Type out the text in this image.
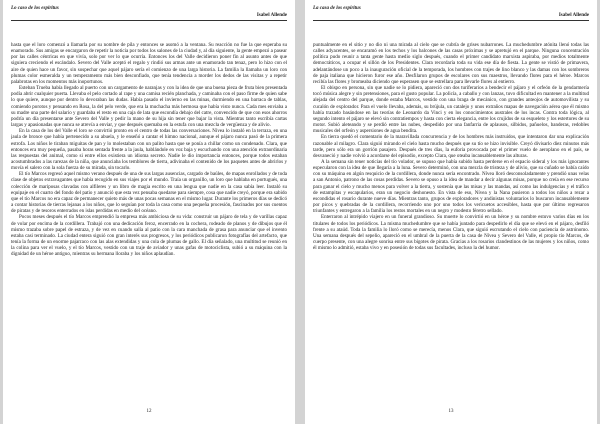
Lo caso de los espiritus
Isabel Allende

hasta que el loro comenzó a llamarla por su nombre de pila y entonces se asomó a la ventana. Su reacción no fue la que esperaba su enamorado. Sus amigas se encargaron de repetir la noticia por todos los salones de la ciudad y, al día siguiente, la gente empezó a pasear por las calles céntricas en que vivía, solo por ver lo que ocurría. Entonces los del Valle decidieron poner fin al asunto antes de que siguiera creciendo el escándalo. Severo del Valle aceptó el regalo y rindió sus armas ante un enamorado tan tenaz, pero lo hizo con el aire de quien hace un favor, sin sospechar que aquel pájaro sería el comienzo de una larga historia. La familia la llamaba un loro con plumas color esmeralda y un temperamento más bien desconfiado, que tenía tendencia a morder los dedos de las visitas y a repetir palabrotas en los momentos más inoportunos.

Esteban Trueba había llegado al puerto con un cargamento de naranjas y con la idea de que una buena pieza de fruta bien presentada podía abrir cualquier puerta. Llevaba el pelo cortado al rape y una camisa recién planchada, y caminaba con el paso firme de quien sabe lo que quiere, aunque por dentro lo devoraban las dudas. Había pasado el invierno en las minas, durmiendo en una barraca de tablas, comiendo porotos y pensando en Rosa, la del pelo verde, que era la muchacha más hermosa que había visto nunca. Cada mes enviaba a su madre una parte del salario y guardaba el resto en una caja de lata que escondía debajo del catre, convencido de que con esos ahorros podría un día presentarse ante Severo del Valle y pedir la mano de su hija sin tener que bajar la vista. Mientras tanto escribía cartas largas y apasionadas que nunca se atrevía a enviar, y que después quemaba en la estufa con una mezcla de vergüenza y de alivio.

En la casa de los del Valle el loro se convirtió pronto en el centro de todas las conversaciones. Nívea lo instaló en la terraza, en una jaula de bronce que había pertenecido a su abuela, y le enseñó a cantar el himno nacional, aunque el pájaro nunca pasó de la primera estrofa. Los niños le tiraban miguitas de pan y lo molestaban con un palito hasta que se ponía a chillar como un condenado. Clara, que entonces era muy pequeña, pasaba horas sentada frente a la jaula, hablándole en voz baja y escuchando con una atención extraordinaria las respuestas del animal, como si entre ellos existiera un idioma secreto. Nadie le dio importancia entonces, porque todos estaban acostumbrados a las rarezas de la niña, que anunciaba los temblores de tierra, adivinaba el contenido de los paquetes antes de abrirlos y movía el salero con la sola fuerza de su mirada, sin tocarlo.

El tío Marcos regresó aquel mismo verano después de una de sus largas ausencias, cargado de baúles, de mapas enrollados y de toda clase de objetos extravagantes que había recogido en sus viajes por el mundo. Traía un organillo, un loro que hablaba en portugués, una colección de mariposas clavadas con alfileres y un libro de magia escrito en una lengua que nadie en la casa sabía leer. Instaló su equipaje en el cuarto del fondo del patio y anunció que esta vez pensaba quedarse para siempre, cosa que nadie creyó, porque era sabido que el tío Marcos no era capaz de permanecer quieto más de unas pocas semanas en el mismo lugar. Durante los primeros días se dedicó a contar historias de tierras lejanas a los niños, que lo seguían por toda la casa como una pequeña procesión, fascinados por sus cuentos de piratas y de tesoros enterrados en islas perdidas en medio del océano.

Pocos meses después el tío Marcos emprendió la empresa más ambiciosa de su vida: construir un pájaro de tela y de varillas capaz de volar por encima de la cordillera. Trabajó con una dedicación feroz, encerrado en la cochera, rodeado de planos y de dibujos que él mismo trazaba sobre papel de estraza, y de vez en cuando salía al patio con la cara manchada de grasa para anunciar que el invento estaba casi terminado. La ciudad entera siguió con gran interés sus progresos, y los periódicos publicaron fotografías del artefacto, que tenía la forma de un enorme pajarraco con las alas extendidas y una cola de plumas de gallo. El día señalado, una multitud se reunió en la colina para ver el vuelo, y el tío Marcos, vestido con un traje de aviador y unas gafas de motociclista, subió a su máquina con la dignidad de un héroe antiguo, mientras su hermana lloraba y los niños aplaudían.

12
La casa de los espíritus
Isabel Allende

puntualmente en el sitio y no dio ni una mirada al cielo que se cubría de grises nubarrones. La muchedumbre atónita llenó todas las calles adyacentes, se encaramó en los techos y los balcones de las casas próximas y se apretujó en el parque. Ninguna concentración política pudo reunir a tanta gente hasta medio siglo después, cuando el primer candidato marxista aspiraba, por medios totalmente democráticos, a ocupar el sillón de los Presidentes. Clara recordaría toda su vida ese día de fiesta. La gente se vistió de primavera, adelantándose un poco a la inauguración oficial de la temporada, los hombres con trajes de lino blanco y las damas con los sombreros de paja italiana que hicieron furor ese año. Desfilaron grupos de escolares con sus maestros, llevando flores para el héroe. Marcos recibía las flores y bromeaba diciendo que esperasen que se estrellara para llevarle flores al entierro.

El obispo en persona, sin que nadie se lo pidiera, apareció con dos turiferarios a bendecir el pájaro y el orfeón de la gendarmería tocó música alegre y sin pretensiones, para el gusto popular. La policía, a caballo y con lanzas, tuvo dificultad en mantener a la multitud alejada del centro del parque, donde estaba Marcos, vestido con una braga de mecánico, con grandes anteojos de automovilista y su cucalón de explorador. Para el vuelo llevaba, además, su brújula, un catalejo y unos extraños mapas de navegación aérea que él mismo había trazado basándose en las teorías de Leonardo da Vinci y en los conocimientos australes de los incas. Contra toda lógica, al segundo intento el pájaro se elevó sin contratiempos y hasta con cierta elegancia, entre los crujidos de su esqueleto y los estertores de su motor. Subió aleteando y se perdió entre las nubes, despedido por una fanfarria de aplausos, silbidos, pañuelos, banderas, redobles musicales del orfeón y aspersiones de agua bendita.

En tierra quedó el comentario de la maravillada concurrencia y de los hombres más instruidos, que intentaron dar una explicación razonable al milagro. Clara siguió mirando el cielo hasta mucho después que su tío se hizo invisible. Creyó divisarlo diez minutos más tarde, pero sólo era un gorrión pasajero. Después de tres días, la euforia provocada por el primer vuelo de aeroplano en el país, se desvaneció y nadie volvió a acordarse del episodio, excepto Clara, que oteaba incansablemente las alturas.

A la semana sin tener noticias del tío volador, se supuso que había subido hasta perderse en el espacio sideral y los más ignorantes especularon con la idea de que llegaría a la luna. Severo determinó, con una mezcla de tristeza y de alivio, que su cuñado se había caído con su máquina en algún resquicio de la cordillera, donde nunca sería encontrado. Nívea lloró desconsoladamente y prendió unas velas a san Antonio, patrono de las cosas perdidas. Severo se opuso a la idea de mandar a decir algunas misas, porque no creía en ese recurso para ganar el cielo y mucho menos para volver a la tierra, y sostenía que las misas y las mandas, así como las indulgencias y el tráfico de estampitas y escapularios, eran un negocio deshonesto. En vista de eso, Nívea y la Nana pusieron a todos los niños a rezar a escondidas el rosario durante nueve días. Mientras tanto, grupos de exploradores y andinistas voluntarios lo buscaron incansablemente por picos y quebradas de la cordillera, recorriendo uno por uno todos los vericuetos accesibles, hasta que por último regresaron triunfantes y entregaron a la familia los restos mortales en un negro y modesto féretro sellado.

Enterraron al intrépido viajero en un funeral grandioso. Su muerte lo convirtió en un héroe y su nombre estuvo varios días en los titulares de todos los periódicos. La misma muchedumbre que se había juntado para despedirlo el día que se elevó en el pájaro, desfiló frente a su ataúd. Toda la familia lo lloró como se merecía, menos Clara, que siguió escrutando el cielo con paciencia de astrónomo. Una semana después del sepelio, apareció en el umbral de la puerta de la casa de Nívea y Severo del Valle, el propio tío Marcos, de cuerpo presente, con una alegre sonrisa entre sus bigotes de pirata. Gracias a los rosarios clandestinos de las mujeres y los niños, como él mismo lo admitió, estaba vivo y en posesión de todas sus facultades, incluso la del humor.

13
